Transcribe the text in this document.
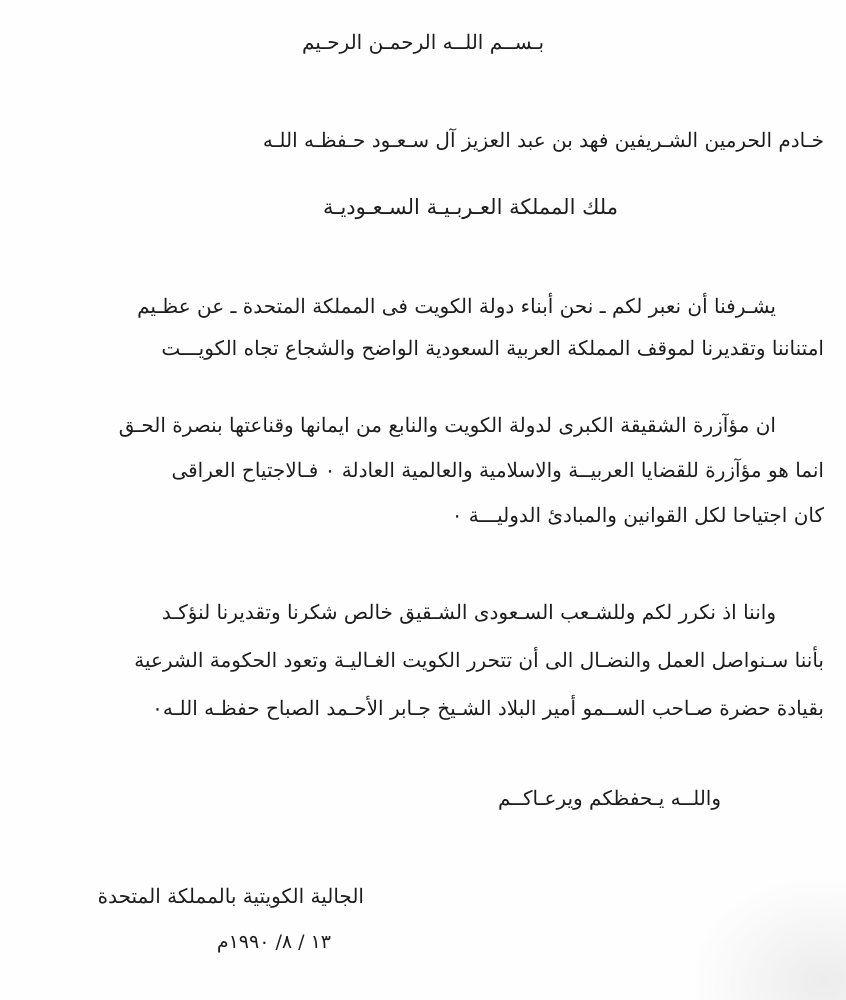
بـســم اللــه الرحمـن الرحـيم
خـادم الحرمين الشـريفين فهد بن عبد العزيز آل سـعـود حـفظـه اللـه
ملك المملكة العـربـيـة السـعـوديـة
يشـرفنا أن نعبر لكم ـ نحن أبناء دولة الكويت فى المملكة المتحدة ـ عن عظـيم
امتناننا وتقديرنا لموقف المملكة العربية السعودية الواضح والشجاع تجاه الكويـــت
ان مؤآزرة الشقيقة الكبرى لدولة الكويت والنابع من ايمانها وقناعتها بنصرة الحـق
انما هو مؤآزرة للقضايا العربيــة والاسلامية والعالمية العادلة ٠ فـالاجتياح العراقى
كان اجتياحا لكل القوانين والمبادئ الدوليـــة ٠
واننا اذ نكرر لكم وللشـعب السـعودى الشـقيق خالص شكرنا وتقديرنا لنؤكـد
بأننا سـنواصل العمل والنضـال الى أن تتحرر الكويت الغـاليـة وتعود الحكومة الشرعية
بقيادة حضرة صـاحب الســمو أمير البلاد الشـيخ جـابر الأحـمد الصباح حفظـه اللـه٠
واللــه يـحفظكم ويرعـاكــم
الجالية الكويتية بالمملكة المتحدة
١٣ / ٨/ ١٩٩٠م
